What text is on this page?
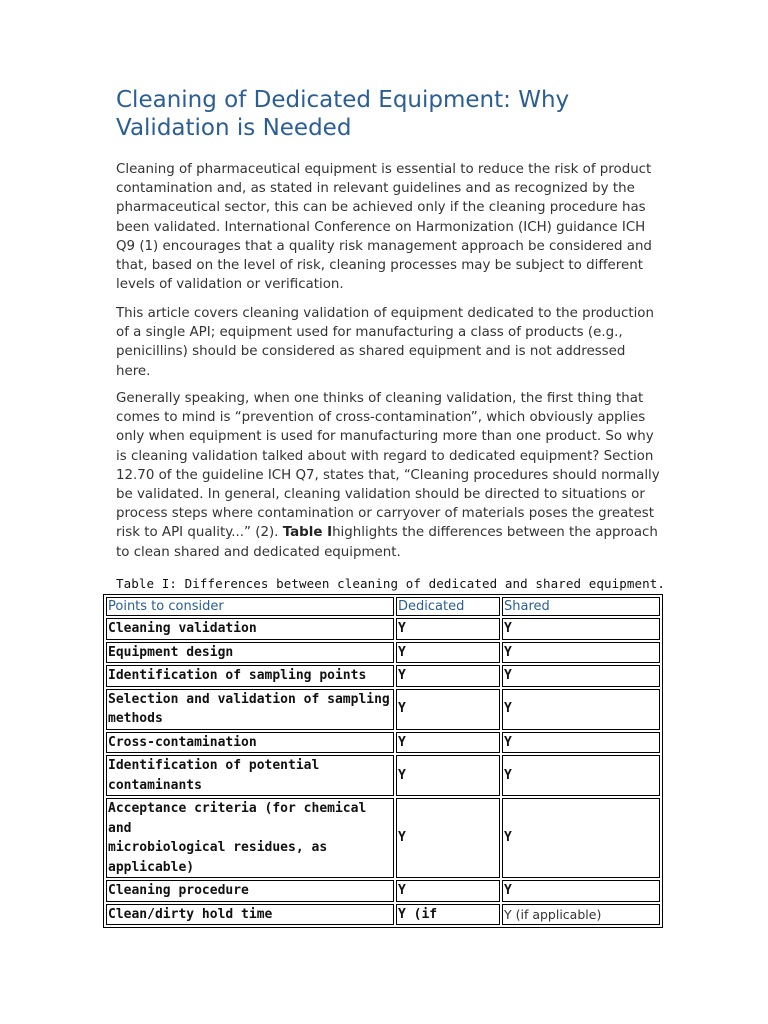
Cleaning of Dedicated Equipment: Why Validation is Needed

Cleaning of pharmaceutical equipment is essential to reduce the risk of product contamination and, as stated in relevant guidelines and as recognized by the pharmaceutical sector, this can be achieved only if the cleaning procedure has been validated. International Conference on Harmonization (ICH) guidance ICH Q9 (1) encourages that a quality risk management approach be considered and that, based on the level of risk, cleaning processes may be subject to different levels of validation or verification.

This article covers cleaning validation of equipment dedicated to the production of a single API; equipment used for manufacturing a class of products (e.g., penicillins) should be considered as shared equipment and is not addressed here.

Generally speaking, when one thinks of cleaning validation, the first thing that comes to mind is “prevention of cross-contamination”, which obviously applies only when equipment is used for manufacturing more than one product. So why is cleaning validation talked about with regard to dedicated equipment? Section 12.70 of the guideline ICH Q7, states that, “Cleaning procedures should normally be validated. In general, cleaning validation should be directed to situations or process steps where contamination or carryover of materials poses the greatest risk to API quality...” (2). Table Ihighlights the differences between the approach to clean shared and dedicated equipment.

Table I: Differences between cleaning of dedicated and shared equipment.

Points to consider	Dedicated	Shared
Cleaning validation	Y	Y
Equipment design	Y	Y
Identification of sampling points	Y	Y
Selection and validation of sampling methods	Y	Y
Cross-contamination	Y	Y
Identification of potential contaminants	Y	Y
Acceptance criteria (for chemical and
microbiological residues, as applicable)	Y	Y
Cleaning procedure	Y	Y
Clean/dirty hold time	Y (if	Y (if applicable)
